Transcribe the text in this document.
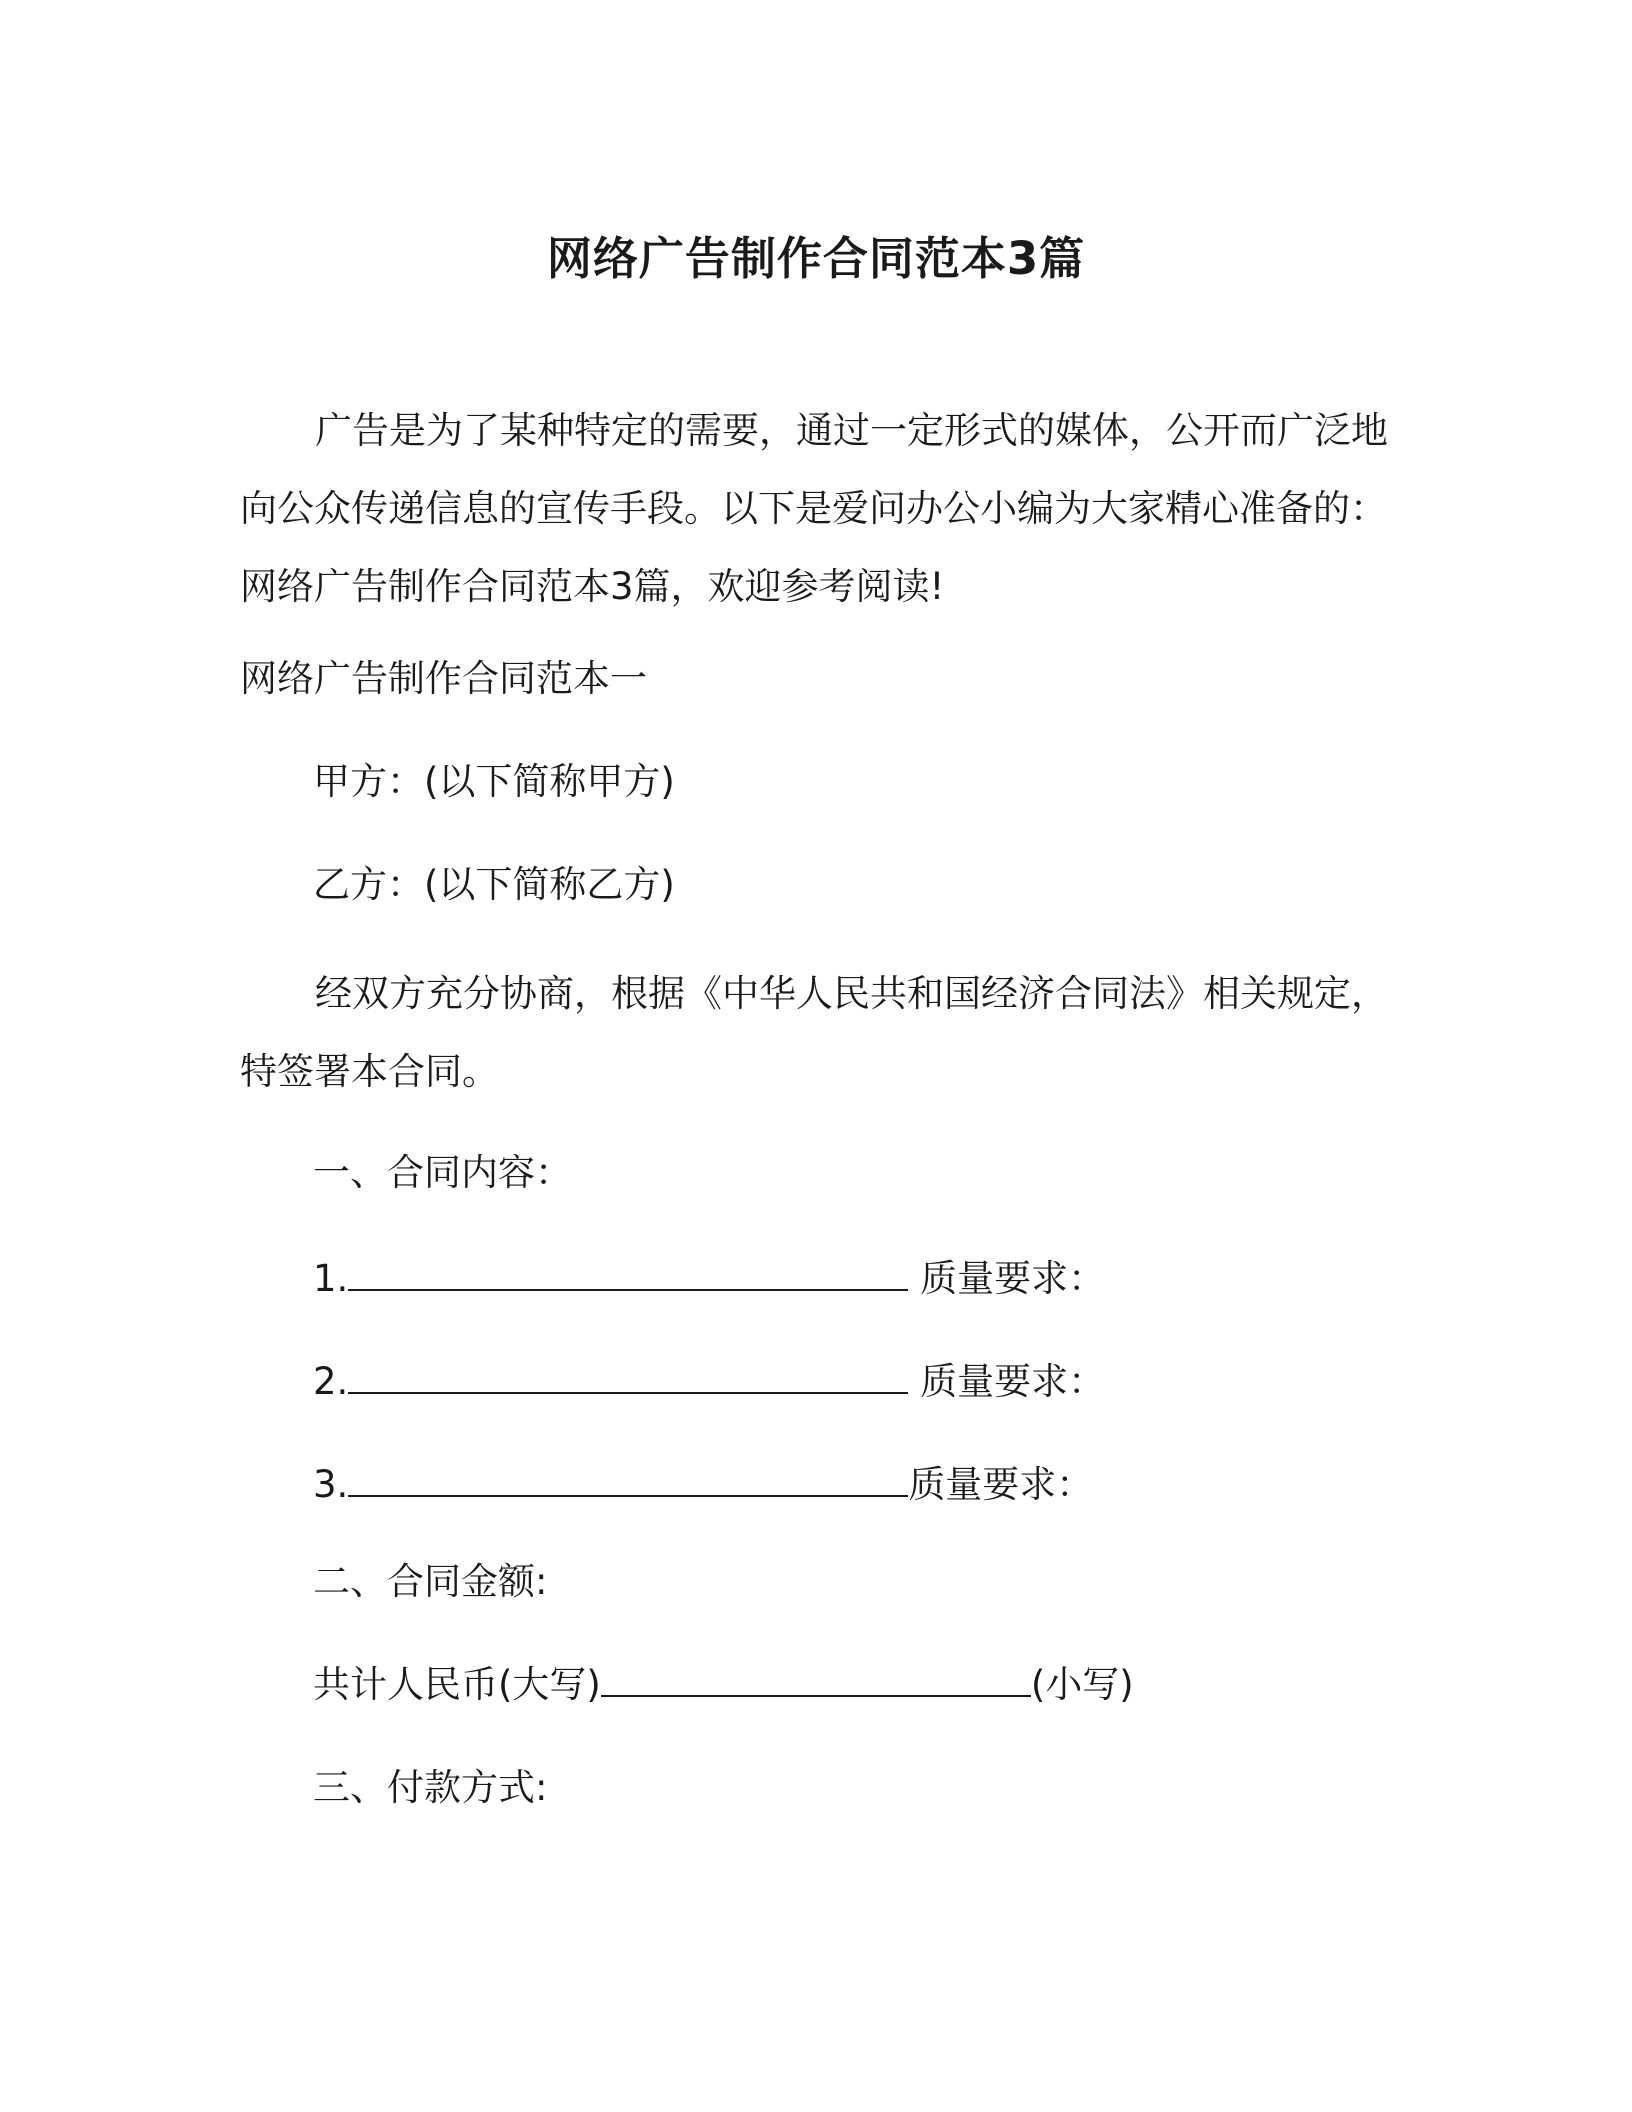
网络广告制作合同范本3篇

广告是为了某种特定的需要，通过一定形式的媒体，公开而广泛地向公众传递信息的宣传手段。以下是爱问办公小编为大家精心准备的：网络广告制作合同范本3篇，欢迎参考阅读!

网络广告制作合同范本一

甲方：(以下简称甲方)

乙方：(以下简称乙方)

经双方充分协商，根据《中华人民共和国经济合同法》相关规定，特签署本合同。

一、合同内容：

1.	质量要求：

2.	质量要求：

3.	质量要求：

二、合同金额:

共计人民币(大写)	(小写)

三、付款方式:
